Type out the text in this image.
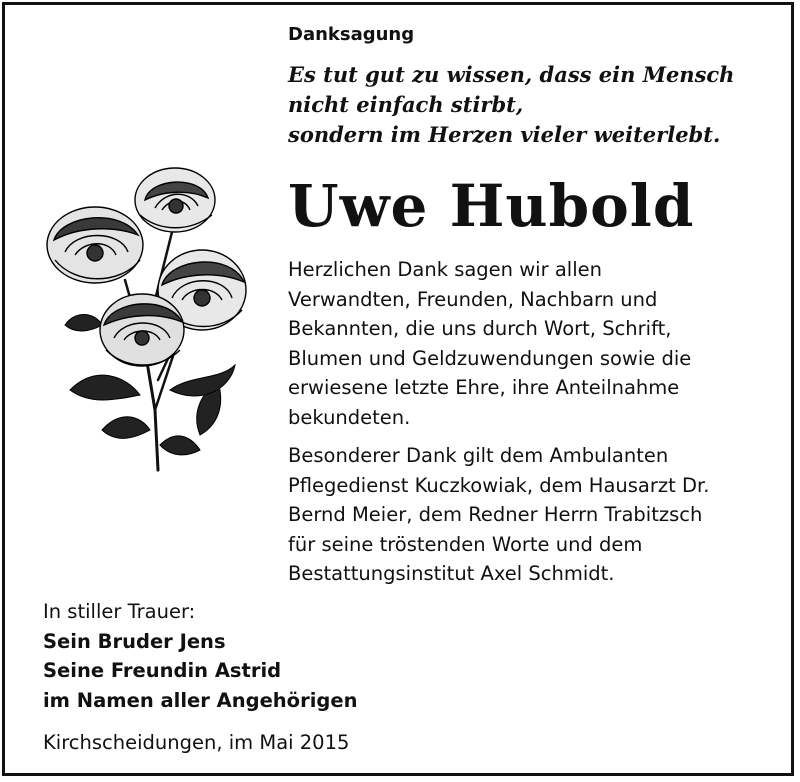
Danksagung
Es tut gut zu wissen, dass ein Mensch
nicht einfach stirbt,
sondern im Herzen vieler weiterlebt.
Uwe Hubold
Herzlichen Dank sagen wir allen
Verwandten, Freunden, Nachbarn und
Bekannten, die uns durch Wort, Schrift,
Blumen und Geldzuwendungen sowie die
erwiesene letzte Ehre, ihre Anteilnahme
bekundeten.
Besonderer Dank gilt dem Ambulanten
Pflegedienst Kuczkowiak, dem Hausarzt Dr.
Bernd Meier, dem Redner Herrn Trabitzsch
für seine tröstenden Worte und dem
Bestattungsinstitut Axel Schmidt.
In stiller Trauer:
Sein Bruder Jens
Seine Freundin Astrid
im Namen aller Angehörigen
Kirchscheidungen, im Mai 2015
